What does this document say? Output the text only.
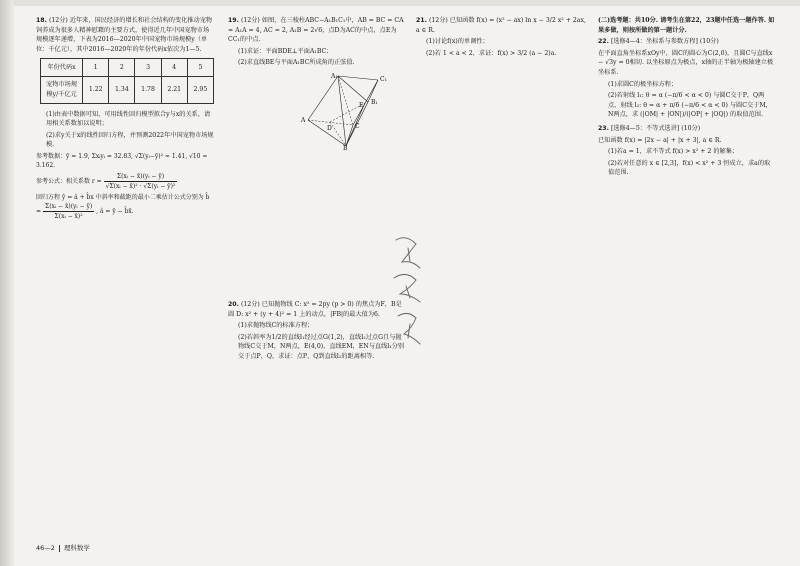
18. (12分) 近年来，国民经济的增长和社会结构的变化推动宠物饲养成为很多人精神慰藉的主要方式，使得近几年中国宠物市场规模逐年递增，下表为2016—2020年中国宠物市场规模y（单位：千亿元），其中2016—2020年的年份代码x依次为1—5.

年份代码x	1	2	3	4	5
宠物市场规模y/千亿元	1.22	1.34	1.78	2.21	2.95

(1)由表中数据可知，可用线性回归模型拟合y与x的关系，请用相关系数加以说明；

(2)求y关于x的线性回归方程，并预测2022年中国宠物市场规模.

参考数据：ȳ = 1.9, Σxᵢyᵢ = 32.83, √Σ(yᵢ−ȳ)² ≈ 1.41, √10 ≈ 3.162.

参考公式：相关系数 $r = \frac{\text{Σ(xᵢ − x̄)(yᵢ − ȳ)}}{\text{√Σ(xᵢ − x̄)² · √Σ(yᵢ − ȳ)²}}$

回归方程 ŷ = â + b̂x 中斜率和截距的最小二乘估计公式分别为 b̂ = $\frac{\text{Σ(xᵢ − x̄)(yᵢ − ȳ)}}{\text{Σ(xᵢ − x̄)²}}$ , â = ȳ − b̂x̄.

19. (12分) 如图，在三棱柱ABC−A₁B₁C₁中，AB = BC = CA = A₁A = 4, AC = 2, A₁B = 2√6，点D为AC的中点，点E为CC₁的中点.

(1)求证：平面BDE⊥平面A₁BC；

(2)求直线BE与平面A₁BC所成角的正弦值.

A₁	C₁
B₁
E
A
D	C
B

20. (12分) 已知抛物线 C: x² = 2py (p > 0) 的焦点为F，B是圆 D: x² + (y + 4)² = 1 上的动点，|FB|的最大值为6.

(1)求抛物线C的标准方程；

(2)若斜率为1/2的直线l₁经过点G(1,2)，直线l₂过点G且与抛物线C交于M，N两点，E(4,0)，直线EM，EN与直线l₁分别交于点P，Q，求证：点P，Q到直线l₂的距离相等.

21. (12分) 已知函数 f(x) = (x² − ax) ln x − 3/2 x² + 2ax, a ∈ R.

(1)讨论f(x)的单调性；

(2)若 1 < a < 2，求证：f(x) > 3/2 (a − 2)a.

(二)选考题：共10分. 请考生在第22，23题中任选一题作答. 如果多做，则按所做的第一题计分.

22. [选修4—4：坐标系与参数方程] (10分)

在平面直角坐标系xOy中，圆C的圆心为C(2,0)，且圆C与直线x − √3y = 0相切. 以坐标原点为极点，x轴的正半轴为极轴建立极坐标系.

(1)求圆C的极坐标方程；

(2)若射线 l₁: θ = α (−π/6 < α < 0) 与圆C交于P，Q两点，射线 l₂: θ = α + π/6 (−π/6 < α < 0) 与圆C交于M，N两点，求 (|OM| + |ON|)/(|OP| + |OQ|) 的取值范围.

23. [选修4—5：不等式选讲] (10分)

已知函数 f(x) = |2x − a| + |x + 3|, a ∈ R.

(1)若a = 1，求不等式 f(x) > x² + 2 的解集；

(2)若对任意的 x ∈ [2,3]，f(x) < x² + 3 恒成立，求a的取值范围.

46—2 理科数学
